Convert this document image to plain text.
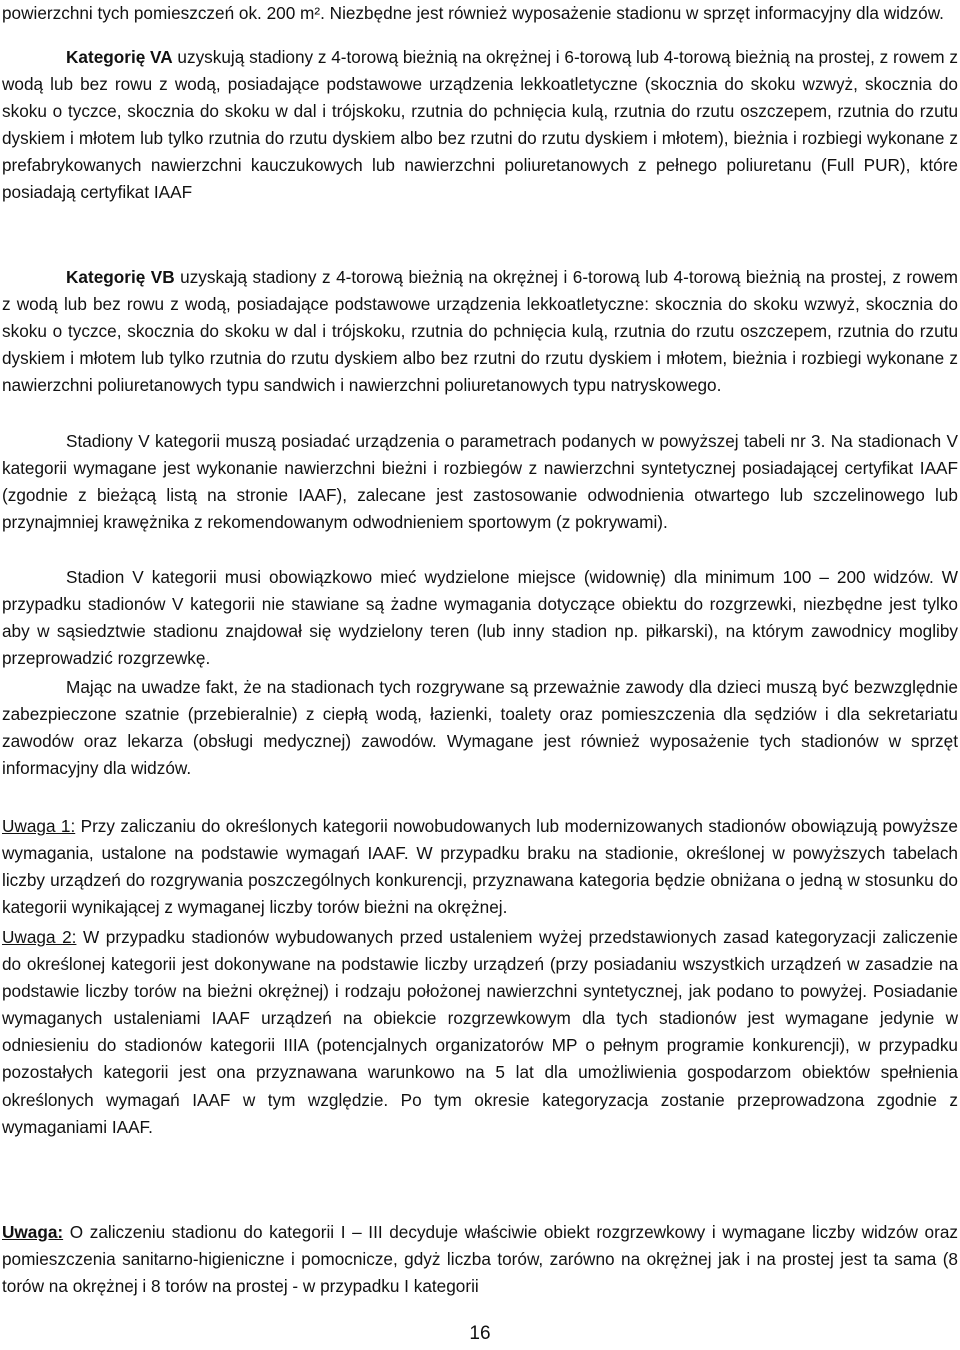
powierzchni tych pomieszczeń ok. 200 m². Niezbędne jest również wyposażenie stadionu w sprzęt informacyjny dla widzów.

Kategorię VA uzyskują stadiony z 4-torową bieżnią na okrężnej i 6-torową lub 4-torową bieżnią na prostej, z rowem z wodą lub bez rowu z wodą, posiadające podstawowe urządzenia lekkoatletyczne (skocznia do skoku wzwyż, skocznia do skoku o tyczce, skocznia do skoku w dal i trójskoku, rzutnia do pchnięcia kulą, rzutnia do rzutu oszczepem, rzutnia do rzutu dyskiem i młotem lub tylko rzutnia do rzutu dyskiem albo bez rzutni do rzutu dyskiem i młotem), bieżnia i rozbiegi wykonane z prefabrykowanych nawierzchni kauczukowych lub nawierzchni poliuretanowych z pełnego poliuretanu (Full PUR), które posiadają certyfikat IAAF

Kategorię VB uzyskają stadiony z 4-torową bieżnią na okrężnej i 6-torową lub 4-torową bieżnią na prostej, z rowem z wodą lub bez rowu z wodą, posiadające podstawowe urządzenia lekkoatletyczne: skocznia do skoku wzwyż, skocznia do skoku o tyczce, skocznia do skoku w dal i trójskoku, rzutnia do pchnięcia kulą, rzutnia do rzutu oszczepem, rzutnia do rzutu dyskiem i młotem lub tylko rzutnia do rzutu dyskiem albo bez rzutni do rzutu dyskiem i młotem, bieżnia i rozbiegi wykonane z nawierzchni poliuretanowych typu sandwich i nawierzchni poliuretanowych typu natryskowego.

Stadiony V kategorii muszą posiadać urządzenia o parametrach podanych w powyższej tabeli nr 3. Na stadionach V kategorii wymagane jest wykonanie nawierzchni bieżni i rozbiegów z nawierzchni syntetycznej posiadającej certyfikat IAAF (zgodnie z bieżącą listą na stronie IAAF), zalecane jest zastosowanie odwodnienia otwartego lub szczelinowego lub przynajmniej krawężnika z rekomendowanym odwodnieniem sportowym (z pokrywami).

Stadion V kategorii musi obowiązkowo mieć wydzielone miejsce (widownię) dla minimum 100 – 200 widzów. W przypadku stadionów V kategorii nie stawiane są żadne wymagania dotyczące obiektu do rozgrzewki, niezbędne jest tylko aby w sąsiedztwie stadionu znajdował się wydzielony teren (lub inny stadion np. piłkarski), na którym zawodnicy mogliby przeprowadzić rozgrzewkę.

Mając na uwadze fakt, że na stadionach tych rozgrywane są przeważnie zawody dla dzieci muszą być bezwzględnie zabezpieczone szatnie (przebieralnie) z ciepłą wodą, łazienki, toalety oraz pomieszczenia dla sędziów i dla sekretariatu zawodów oraz lekarza (obsługi medycznej) zawodów. Wymagane jest również wyposażenie tych stadionów w sprzęt informacyjny dla widzów.

Uwaga 1: Przy zaliczaniu do określonych kategorii nowobudowanych lub modernizowanych stadionów obowiązują powyższe wymagania, ustalone na podstawie wymagań IAAF. W przypadku braku na stadionie, określonej w powyższych tabelach liczby urządzeń do rozgrywania poszczególnych konkurencji, przyznawana kategoria będzie obniżana o jedną w stosunku do kategorii wynikającej z wymaganej liczby torów bieżni na okrężnej.

Uwaga 2: W przypadku stadionów wybudowanych przed ustaleniem wyżej przedstawionych zasad kategoryzacji zaliczenie do określonej kategorii jest dokonywane na podstawie liczby urządzeń (przy posiadaniu wszystkich urządzeń w zasadzie na podstawie liczby torów na bieżni okrężnej) i rodzaju położonej nawierzchni syntetycznej, jak podano to powyżej. Posiadanie wymaganych ustaleniami IAAF urządzeń na obiekcie rozgrzewkowym dla tych stadionów jest wymagane jedynie w odniesieniu do stadionów kategorii IIIA (potencjalnych organizatorów MP o pełnym programie konkurencji), w przypadku pozostałych kategorii jest ona przyznawana warunkowo na 5 lat dla umożliwienia gospodarzom obiektów spełnienia określonych wymagań IAAF w tym względzie. Po tym okresie kategoryzacja zostanie przeprowadzona zgodnie z wymaganiami IAAF.

Uwaga: O zaliczeniu stadionu do kategorii I – III decyduje właściwie obiekt rozgrzewkowy i wymagane liczby widzów oraz pomieszczenia sanitarno-higieniczne i pomocnicze, gdyż liczba torów, zarówno na okrężnej jak i na prostej jest ta sama (8 torów na okrężnej i 8 torów na prostej - w przypadku I kategorii

16
